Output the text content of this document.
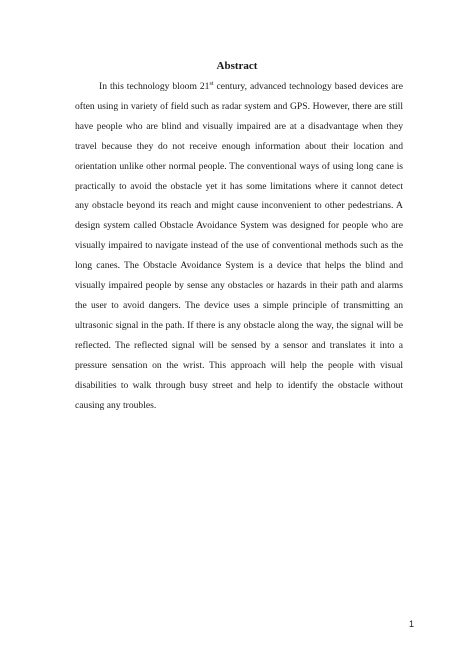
Abstract

In this technology bloom 21st century, advanced technology based devices are often using in variety of field such as radar system and GPS. However, there are still have people who are blind and visually impaired are at a disadvantage when they travel because they do not receive enough information about their location and orientation unlike other normal people. The conventional ways of using long cane is practically to avoid the obstacle yet it has some limitations where it cannot detect any obstacle beyond its reach and might cause inconvenient to other pedestrians. A design system called Obstacle Avoidance System was designed for people who are visually impaired to navigate instead of the use of conventional methods such as the long canes. The Obstacle Avoidance System is a device that helps the blind and visually impaired people by sense any obstacles or hazards in their path and alarms the user to avoid dangers. The device uses a simple principle of transmitting an ultrasonic signal in the path. If there is any obstacle along the way, the signal will be reflected. The reflected signal will be sensed by a sensor and translates it into a pressure sensation on the wrist. This approach will help the people with visual disabilities to walk through busy street and help to identify the obstacle without causing any troubles.

1
